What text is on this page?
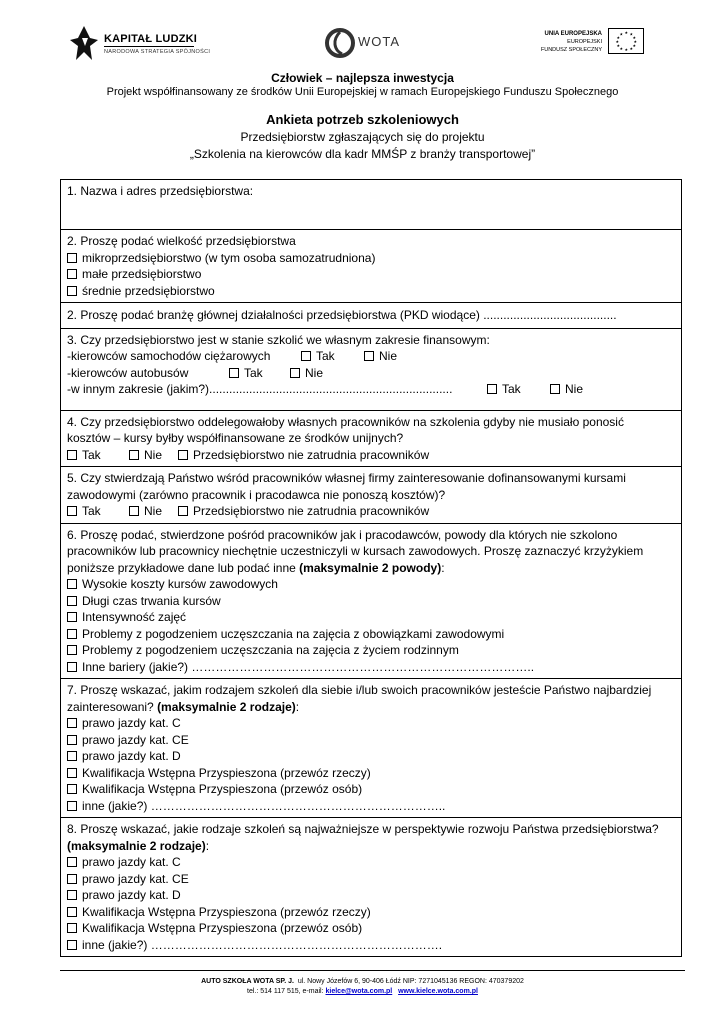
KAPITAŁ LUDZKI
NARODOWA STRATEGIA SPÓJNOŚCI
WOTA	UNIA EUROPEJSKA
EUROPEJSKI
FUNDUSZ SPOŁECZNY
★ ★
★
★
★
★
★
★
★
★
★
★
Człowiek – najlepsza inwestycja
Projekt współfinansowany ze środków Unii Europejskiej w ramach Europejskiego Funduszu Społecznego
Ankieta potrzeb szkoleniowych
Przedsiębiorstw zgłaszających się do projektu
„Szkolenia na kierowców dla kadr MMŚP z branży transportowej”

1. Nazwa i adres przedsiębiorstwa:

2. Proszę podać wielkość przedsiębiorstwa

mikroprzedsiębiorstwo (w tym osoba samozatrudniona)

małe przedsiębiorstwo

średnie przedsiębiorstwo

2. Proszę podać branżę głównej działalności przedsiębiorstwa (PKD wiodące) ........................................

3. Czy przedsiębiorstwo jest w stanie szkolić we własnym zakresie finansowym:

-kierowców samochodów ciężarowych	Tak	Nie

-kierowców autobusów	Tak	Nie

-w innym zakresie (jakim?).........................................................................	Tak	Nie

4. Czy przedsiębiorstwo oddelegowałoby własnych pracowników na szkolenia gdyby nie musiało ponosić

kosztów – kursy byłby współfinansowane ze środków unijnych?

Tak	Nie	Przedsiębiorstwo nie zatrudnia pracowników

5. Czy stwierdzają Państwo wśród pracowników własnej firmy zainteresowanie dofinansowanymi kursami

zawodowymi (zarówno pracownik i pracodawca nie ponoszą kosztów)?

Tak	Nie	Przedsiębiorstwo nie zatrudnia pracowników

6. Proszę podać, stwierdzone pośród pracowników jak i pracodawców, powody dla których nie szkolono

pracowników lub pracownicy niechętnie uczestniczyli w kursach zawodowych. Proszę zaznaczyć krzyżykiem

poniższe przykładowe dane lub podać inne (maksymalnie 2 powody):

Wysokie koszty kursów zawodowych

Długi czas trwania kursów

Intensywność zajęć

Problemy z pogodzeniem uczęszczania na zajęcia z obowiązkami zawodowymi

Problemy z pogodzeniem uczęszczania na zajęcia z życiem rodzinnym

Inne bariery (jakie?) …………………………………………………………………………..

7. Proszę wskazać, jakim rodzajem szkoleń dla siebie i/lub swoich pracowników jesteście Państwo najbardziej

zainteresowani? (maksymalnie 2 rodzaje):

prawo jazdy kat. C

prawo jazdy kat. CE

prawo jazdy kat. D

Kwalifikacja Wstępna Przyspieszona (przewóz rzeczy)

Kwalifikacja Wstępna Przyspieszona (przewóz osób)

inne (jakie?) ………………………………………………………………..

8. Proszę wskazać, jakie rodzaje szkoleń są najważniejsze w perspektywie rozwoju Państwa przedsiębiorstwa?

(maksymalnie 2 rodzaje):

prawo jazdy kat. C

prawo jazdy kat. CE

prawo jazdy kat. D

Kwalifikacja Wstępna Przyspieszona (przewóz rzeczy)

Kwalifikacja Wstępna Przyspieszona (przewóz osób)

inne (jakie?) ……………………………………………………………….

AUTO SZKOŁA WOTA SP. J. ul. Nowy Józefów 6, 90-406 Łódź NIP: 7271045136 REGON: 470379202
tel.: 514 117 515, e-mail: kielce@wota.com.pl www.kielce.wota.com.pl
